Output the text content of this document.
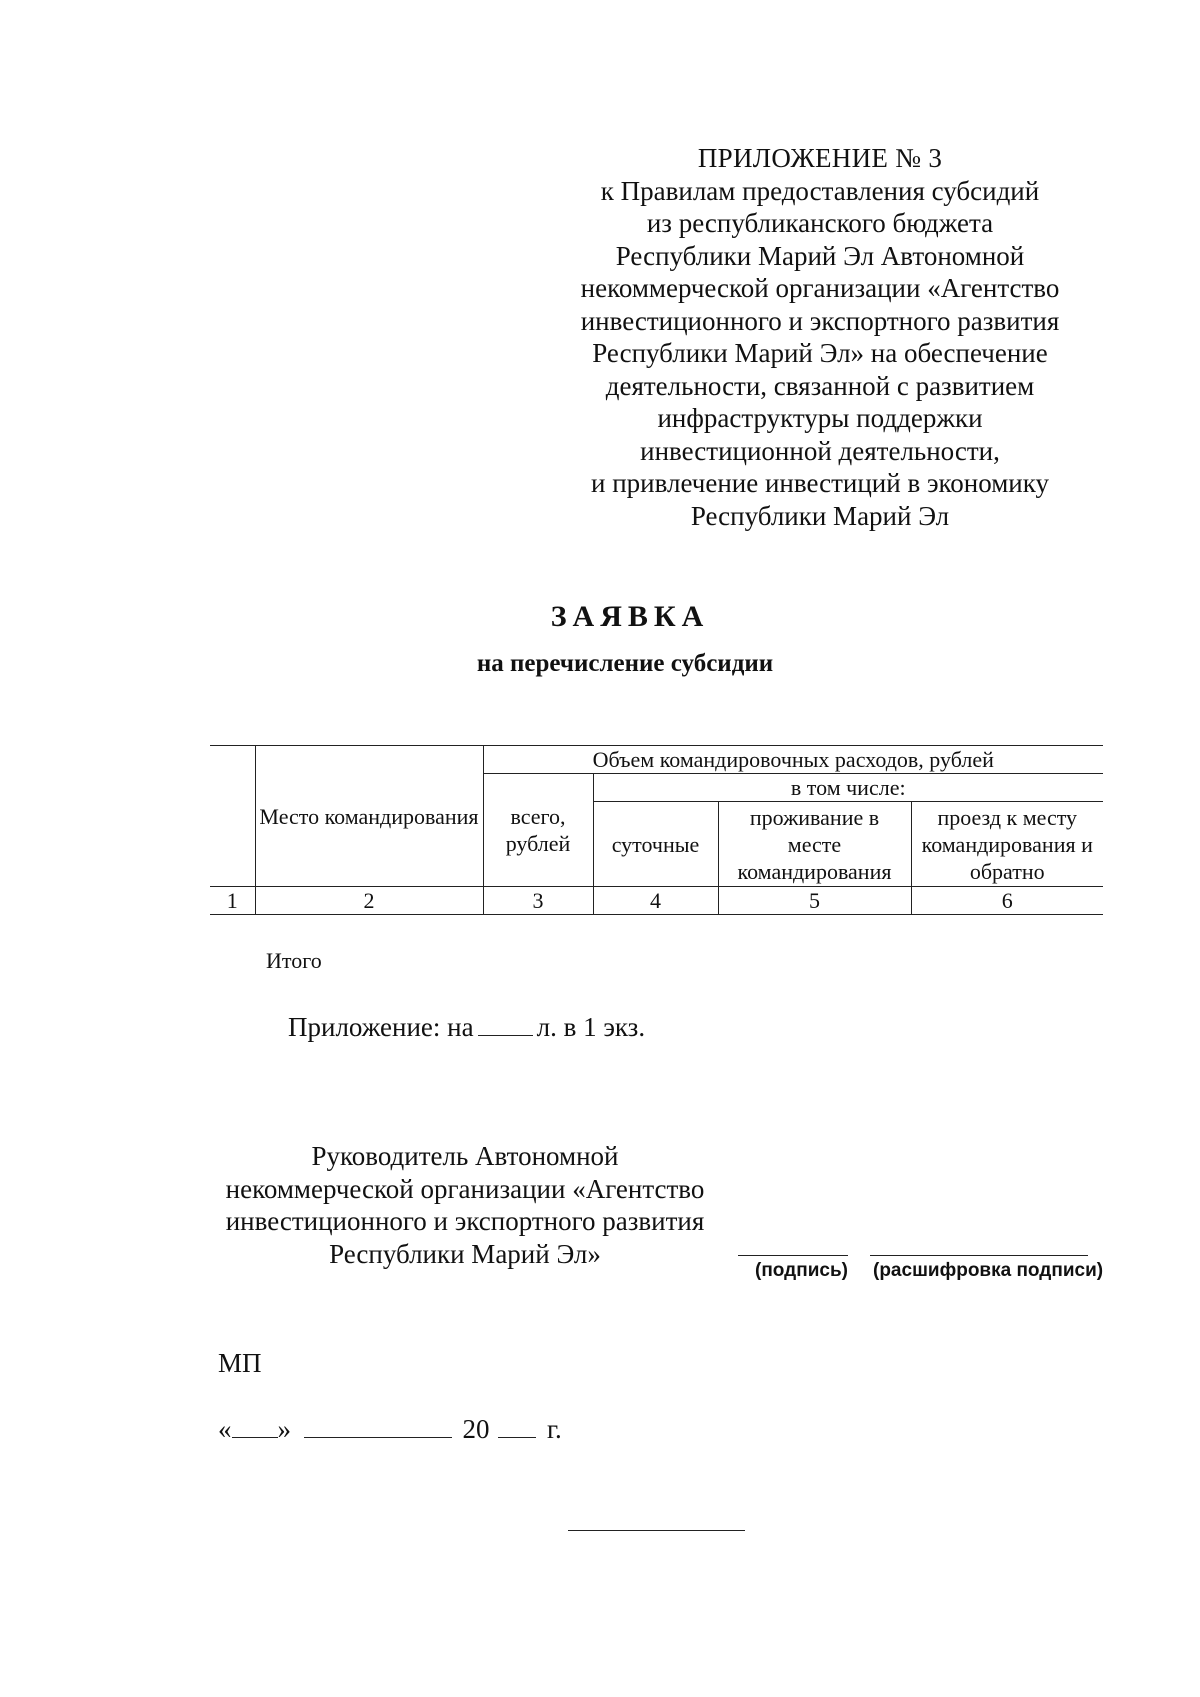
ПРИЛОЖЕНИЕ № 3
к Правилам предоставления субсидий
из республиканского бюджета
Республики Марий Эл Автономной
некоммерческой организации «Агентство
инвестиционного и экспортного развития
Республики Марий Эл» на обеспечение
деятельности, связанной с развитием
инфраструктуры поддержки
инвестиционной деятельности,
и привлечение инвестиций в экономику
Республики Марий Эл
ЗАЯВКА
на перечисление субсидии
	Место командирования	Объем командировочных расходов, рублей			
		всего, рублей	в том числе:		
			суточные	проживание в месте командирования	проезд к месту командирования и обратно
1	2	3	4	5	6
Итого
Приложение: на л. в 1 экз.
Руководитель Автономной
некоммерческой организации «Агентство
инвестиционного и экспортного развития
Республики Марий Эл»
(подпись) (расшифровка подписи)
МП
« »	20 г.
